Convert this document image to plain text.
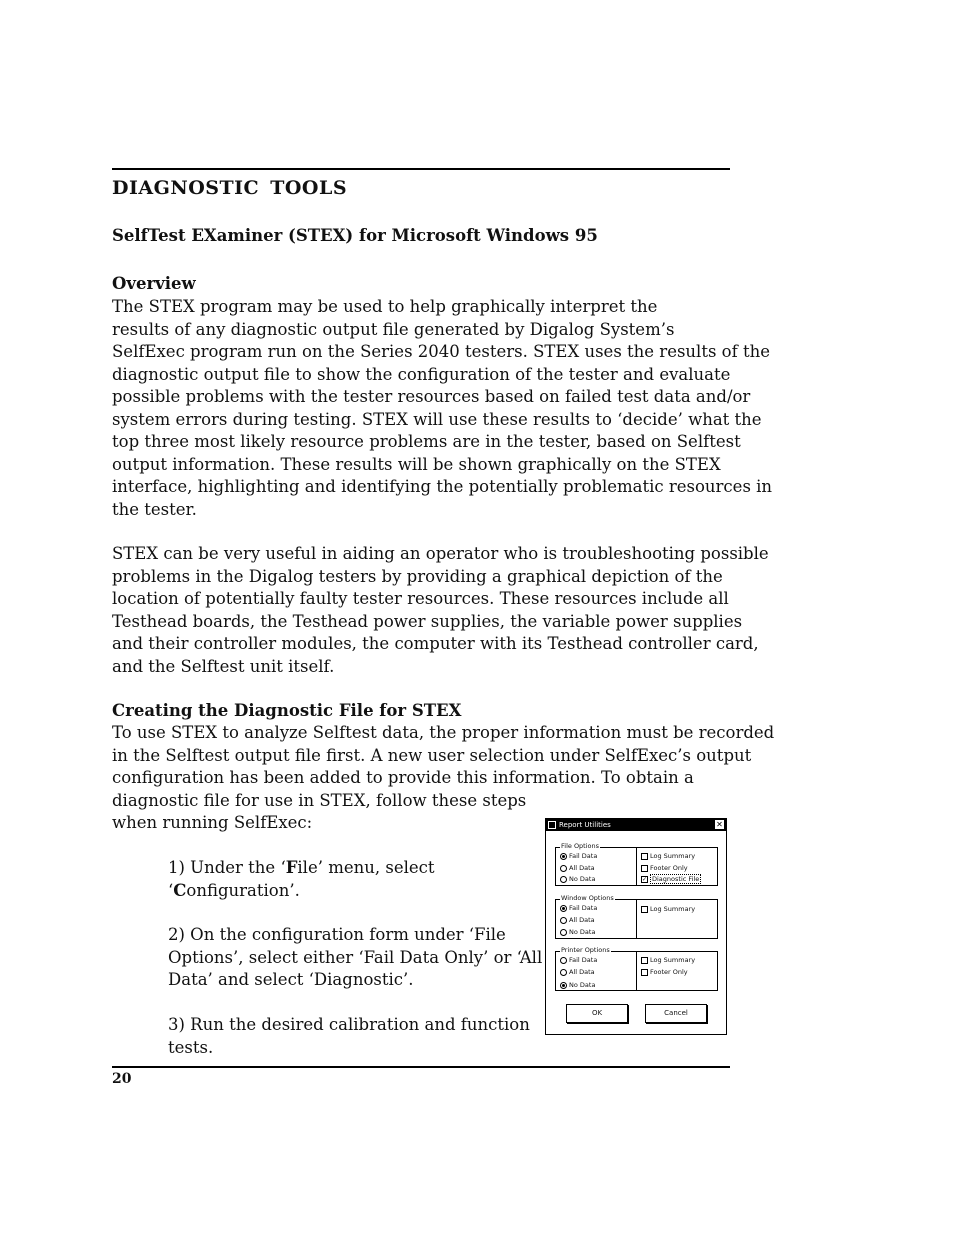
DIAGNOSTIC TOOLS
SelfTest EXaminer (STEX) for Microsoft Windows 95
Overview

The STEX program may be used to help graphically interpret the
results of any diagnostic output file generated by Digalog System’s
SelfExec program run on the Series 2040 testers. STEX uses the results of the
diagnostic output file to show the configuration of the tester and evaluate
possible problems with the tester resources based on failed test data and/or
system errors during testing. STEX will use these results to ‘decide’ what the
top three most likely resource problems are in the tester, based on Selftest
output information. These results will be shown graphically on the STEX
interface, highlighting and identifying the potentially problematic resources in
the tester.

STEX can be very useful in aiding an operator who is troubleshooting possible
problems in the Digalog testers by providing a graphical depiction of the
location of potentially faulty tester resources. These resources include all
Testhead boards, the Testhead power supplies, the variable power supplies
and their controller modules, the computer with its Testhead controller card,
and the Selftest unit itself.

Creating the Diagnostic File for STEX

To use STEX to analyze Selftest data, the proper information must be recorded
in the Selftest output file first. A new user selection under SelfExec’s output
configuration has been added to provide this information. To obtain a
diagnostic file for use in STEX, follow these steps
when running SelfExec:

1) Under the ‘File’ menu, select
‘Configuration’.

2) On the configuration form under ‘File
Options’, select either ‘Fail Data Only’ or ‘All
Data’ and select ‘Diagnostic’.

3) Run the desired calibration and function
tests.

Report Utilities	✕
File Options
Fail Data
All Data
No Data
Log Summary
Footer Only
✓ Diagnostic File
Window Options
Fail Data
All Data
No Data
Log Summary
Printer Options
Fail Data
All Data
No Data
Log Summary
Footer Only
OK	Cancel

20
